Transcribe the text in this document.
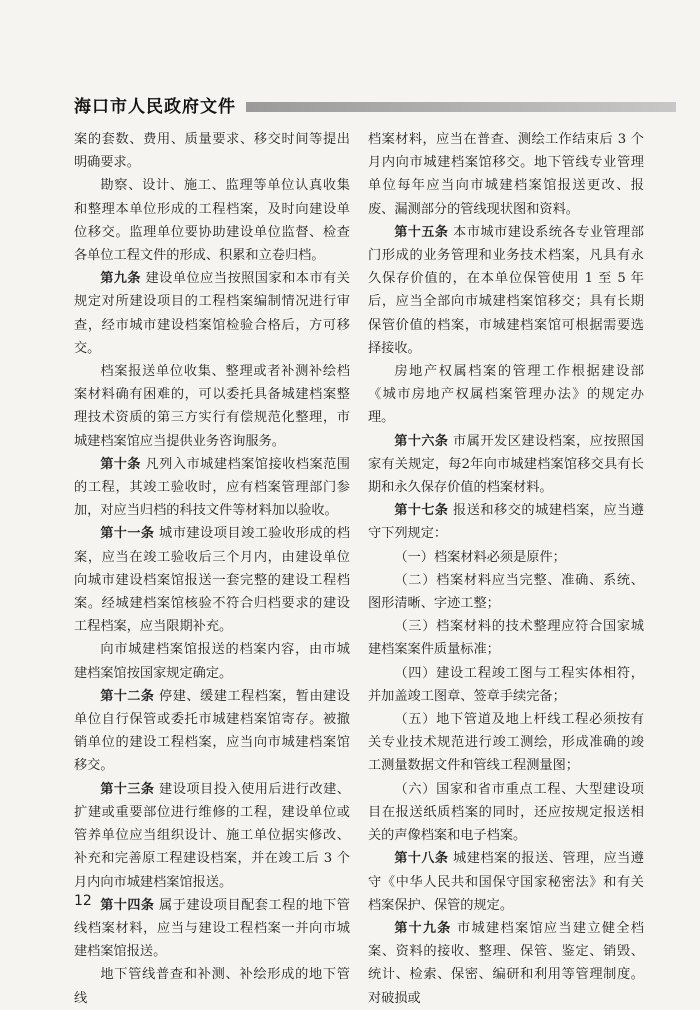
海口市人民政府文件

案的套数、费用、质量要求、移交时间等提出明确要求。

勘察、设计、施工、监理等单位认真收集和整理本单位形成的工程档案，及时向建设单位移交。监理单位要协助建设单位监督、检查各单位工程文件的形成、积累和立卷归档。

第九条 建设单位应当按照国家和本市有关规定对所建设项目的工程档案编制情况进行审查，经市城市建设档案馆检验合格后，方可移交。

档案报送单位收集、整理或者补测补绘档案材料确有困难的，可以委托具备城建档案整理技术资质的第三方实行有偿规范化整理，市城建档案馆应当提供业务咨询服务。

第十条 凡列入市城建档案馆接收档案范围的工程，其竣工验收时，应有档案管理部门参加，对应当归档的科技文件等材料加以验收。

第十一条 城市建设项目竣工验收形成的档案，应当在竣工验收后三个月内，由建设单位向城市建设档案馆报送一套完整的建设工程档案。经城建档案馆核验不符合归档要求的建设工程档案，应当限期补充。

向市城建档案馆报送的档案内容，由市城建档案馆按国家规定确定。

第十二条 停建、缓建工程档案，暂由建设单位自行保管或委托市城建档案馆寄存。被撤销单位的建设工程档案，应当向市城建档案馆移交。

第十三条 建设项目投入使用后进行改建、扩建或重要部位进行维修的工程，建设单位或管养单位应当组织设计、施工单位据实修改、补充和完善原工程建设档案，并在竣工后 3 个月内向市城建档案馆报送。

第十四条 属于建设项目配套工程的地下管线档案材料，应当与建设工程档案一并向市城建档案馆报送。

地下管线普查和补测、补绘形成的地下管线

档案材料，应当在普查、测绘工作结束后 3 个月内向市城建档案馆移交。地下管线专业管理单位每年应当向市城建档案馆报送更改、报废、漏测部分的管线现状图和资料。

第十五条 本市城市建设系统各专业管理部门形成的业务管理和业务技术档案，凡具有永久保存价值的，在本单位保管使用 1 至 5 年后，应当全部向市城建档案馆移交；具有长期保管价值的档案，市城建档案馆可根据需要选择接收。

房地产权属档案的管理工作根据建设部《城市房地产权属档案管理办法》的规定办理。

第十六条 市属开发区建设档案，应按照国家有关规定，每2年向市城建档案馆移交具有长期和永久保存价值的档案材料。

第十七条 报送和移交的城建档案，应当遵守下列规定：

（一）档案材料必须是原件；

（二）档案材料应当完整、准确、系统、图形清晰、字迹工整；

（三）档案材料的技术整理应符合国家城建档案案件质量标准；

（四）建设工程竣工图与工程实体相符，并加盖竣工图章、签章手续完备；

（五）地下管道及地上杆线工程必须按有关专业技术规范进行竣工测绘，形成准确的竣工测量数据文件和管线工程测量图；

（六）国家和省市重点工程、大型建设项目在报送纸质档案的同时，还应按规定报送相关的声像档案和电子档案。

第十八条 城建档案的报送、管理，应当遵守《中华人民共和国保守国家秘密法》和有关档案保护、保管的规定。

第十九条 市城建档案馆应当建立健全档案、资料的接收、整理、保管、鉴定、销毁、统计、检索、保密、编研和利用等管理制度。对破损或

12
